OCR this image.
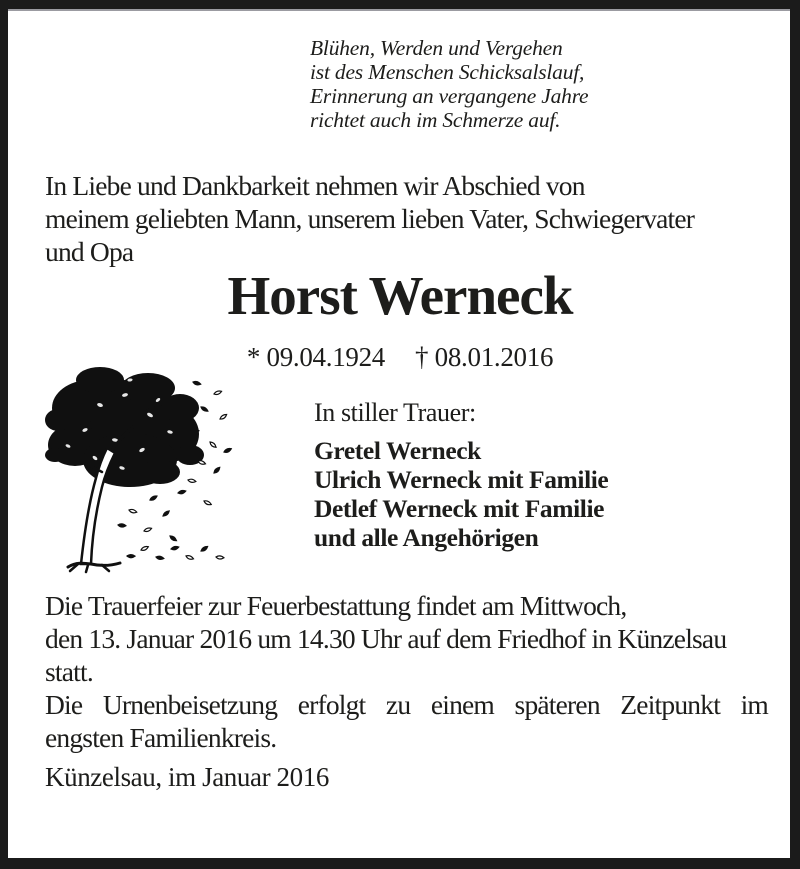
Blühen, Werden und Vergehen
ist des Menschen Schicksalslauf,
Erinnerung an vergangene Jahre
richtet auch im Schmerze auf.
In Liebe und Dankbarkeit nehmen wir Abschied von
meinem geliebten Mann, unserem lieben Vater, Schwiegervater
und Opa
Horst Werneck
* 09.04.1924 † 08.01.2016
In stiller Trauer:
Gretel Werneck
Ulrich Werneck mit Familie
Detlef Werneck mit Familie
und alle Angehörigen
Die Trauerfeier zur Feuerbestattung findet am Mittwoch,
den 13. Januar 2016 um 14.30 Uhr auf dem Friedhof in Künzelsau
statt.
Die Urnenbeisetzung erfolgt zu einem späteren Zeitpunkt im
engsten Familienkreis.
Künzelsau, im Januar 2016
